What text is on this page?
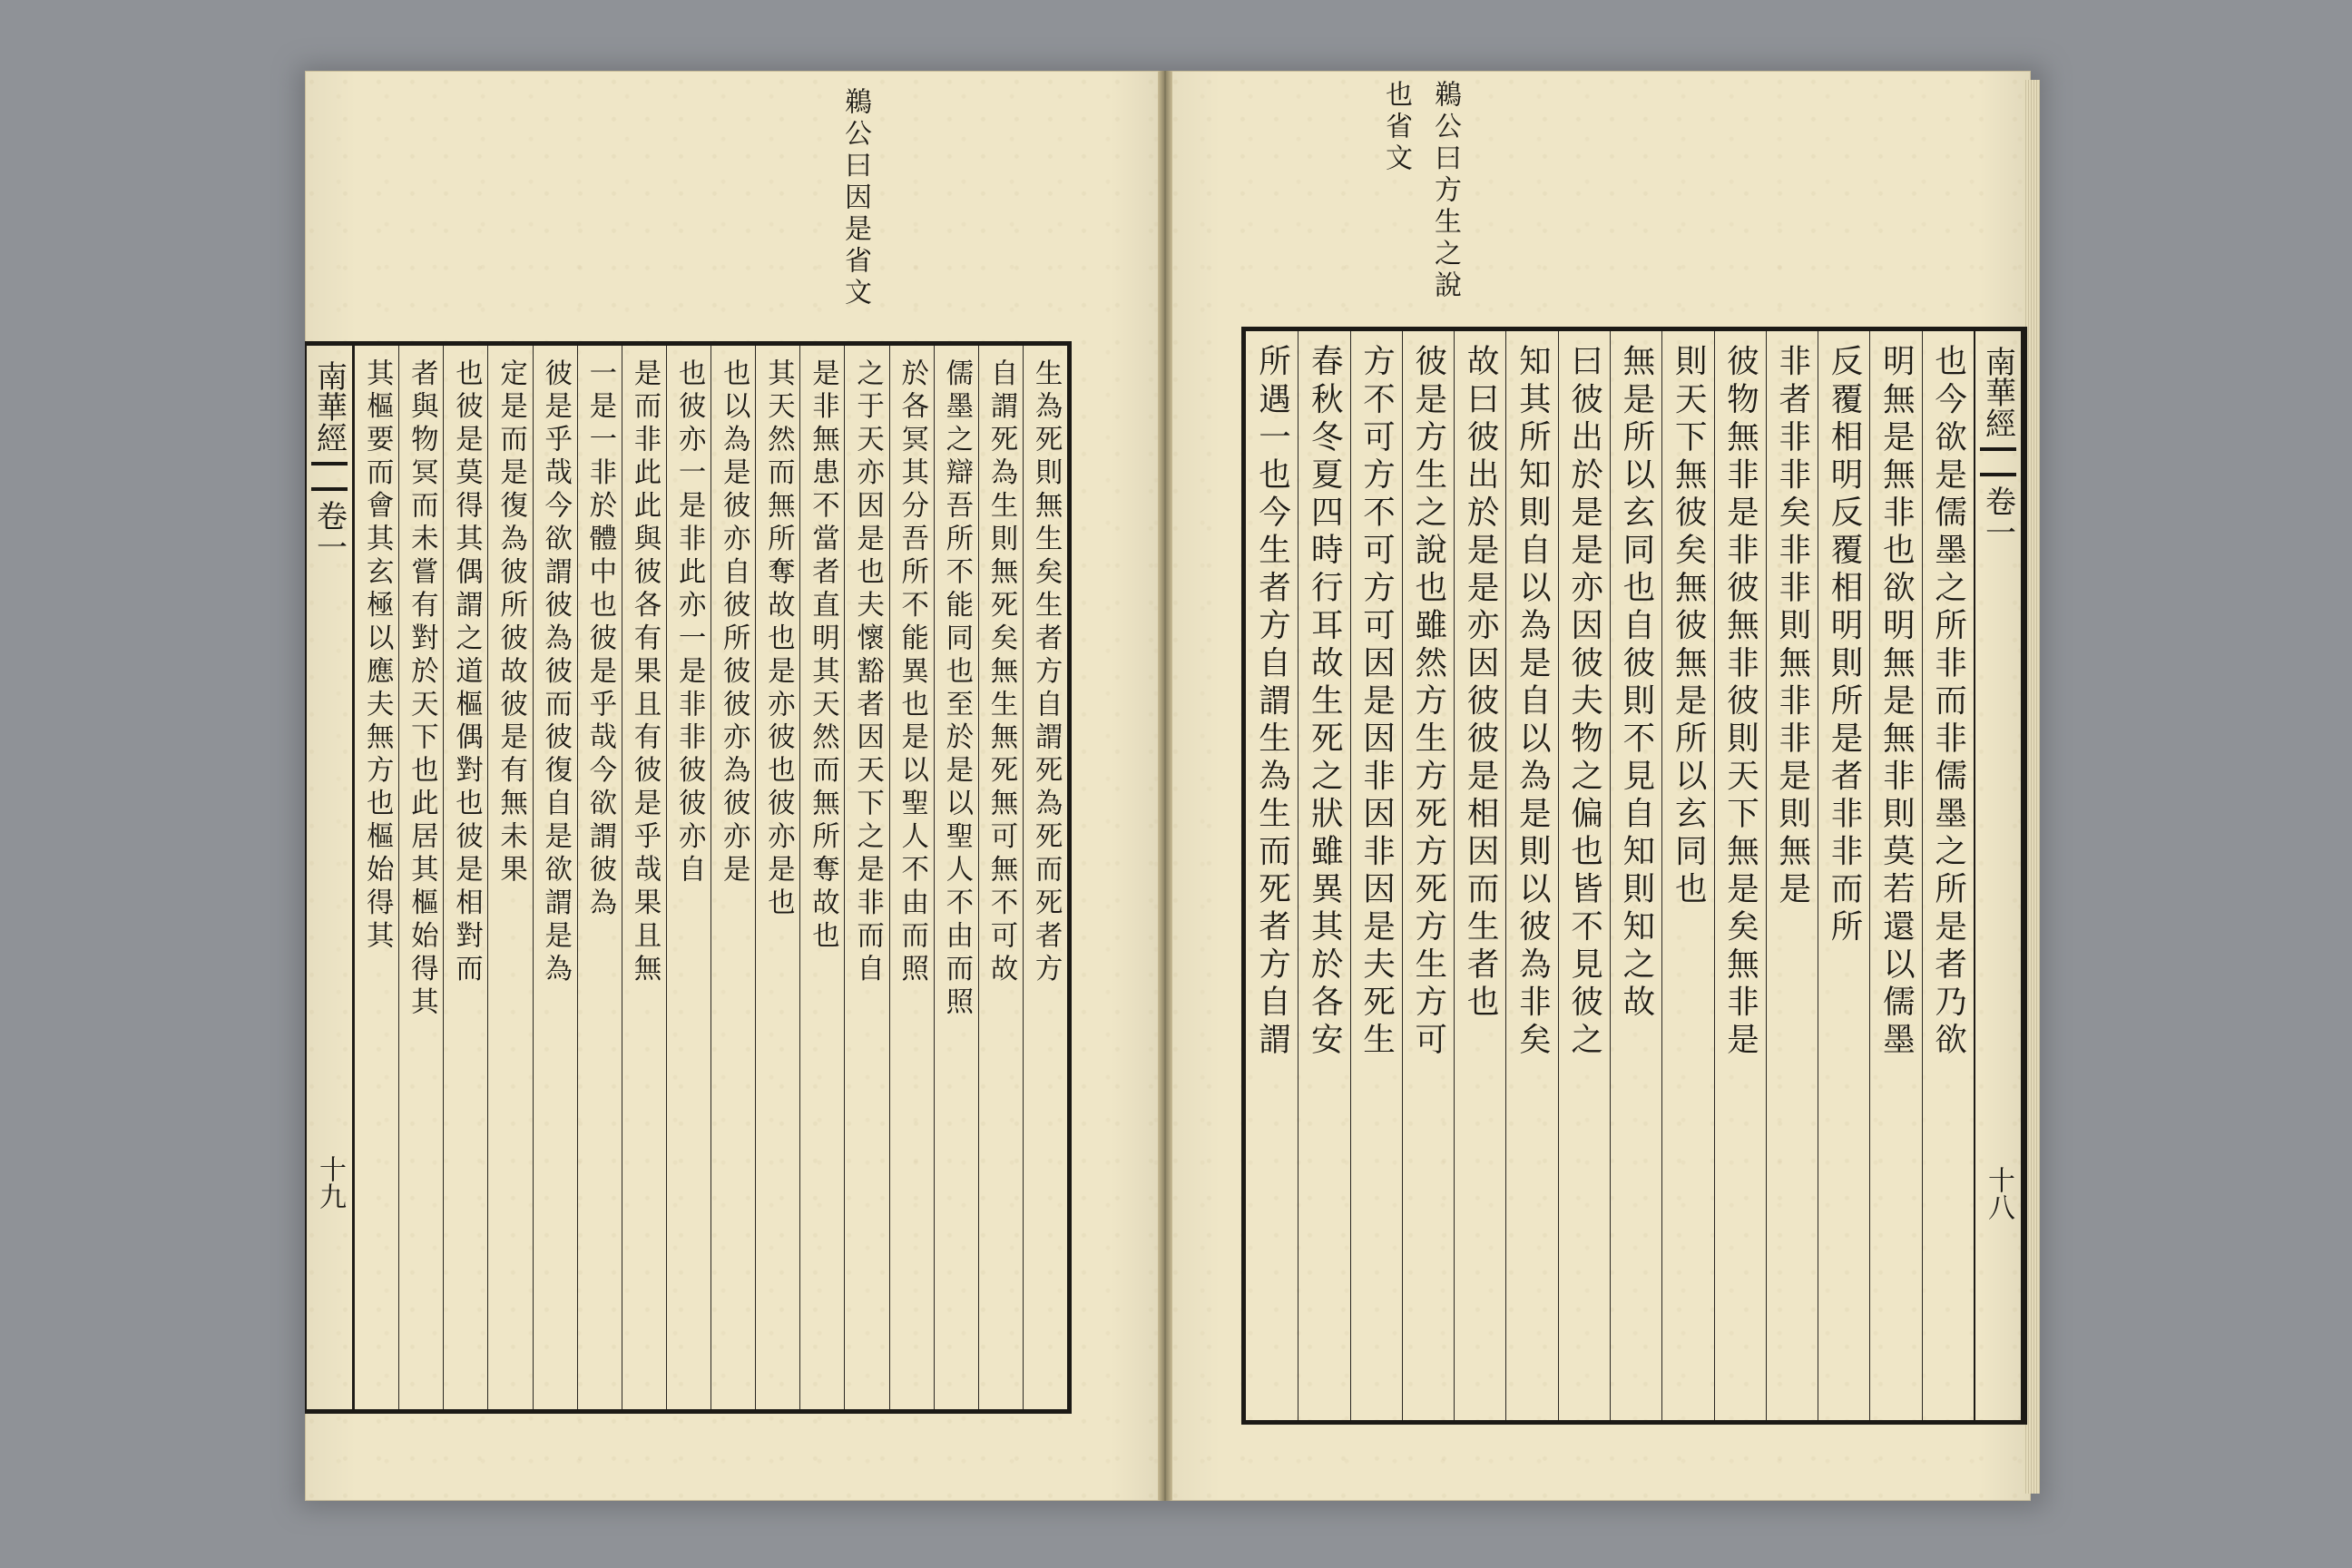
鵜公曰因是省文	鵜公曰方生之說
也省文
生為死則無生矣生者方自謂死為死而死者方
自謂死為生則無死矣無生無死無可無不可故
儒墨之辯吾所不能同也至於是以聖人不由而照
於各冥其分吾所不能異也是以聖人不由而照
之于天亦因是也夫懷豁者因天下之是非而自
是非無患不當者直明其天然而無所奪故也
其天然而無所奪故也是亦彼也彼亦是也
也以為是彼亦自彼所彼彼亦為彼亦是
也彼亦一是非此亦一是非非彼彼亦自
是而非此此與彼各有果且有彼是乎哉果且無
一是一非於體中也彼是乎哉今欲謂彼為
彼是乎哉今欲謂彼為彼而彼復自是欲謂是為
定是而是復為彼所彼故彼是有無未果
也彼是莫得其偶謂之道樞偶對也彼是相對而
者與物冥而未嘗有對於天下也此居其樞始得其
其樞要而會其玄極以應夫無方也樞始得其
南華經
卷一
十九
南華經
卷一
十八
也今欲是儒墨之所非而非儒墨之所是者乃欲
明無是無非也欲明無是無非則莫若還以儒墨
反覆相明反覆相明則所是者非非而所
非者非非矣非非則無非非是則無是
彼物無非是非彼無非彼則天下無是矣無非是
則天下無彼矣無彼無是所以玄同也
無是所以玄同也自彼則不見自知則知之故
曰彼出於是是亦因彼夫物之偏也皆不見彼之
知其所知則自以為是自以為是則以彼為非矣
故曰彼出於是是亦因彼彼是相因而生者也
彼是方生之說也雖然方生方死方死方生方可
方不可方不可方可因是因非因非因是夫死生
春秋冬夏四時行耳故生死之狀雖異其於各安
所遇一也今生者方自謂生為生而死者方自謂
